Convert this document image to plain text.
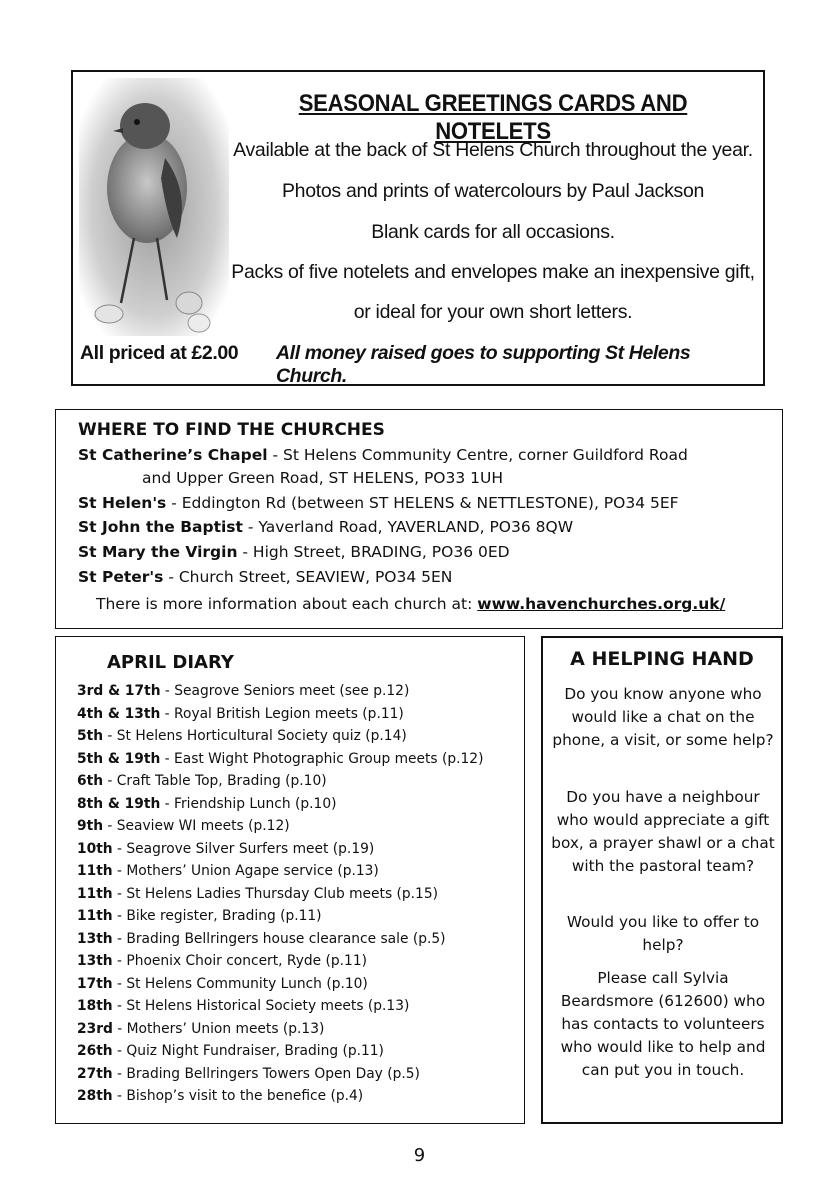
SEASONAL GREETINGS CARDS AND NOTELETS
Available at the back of St Helens Church throughout the year.
Photos and prints of watercolours by Paul Jackson
Blank cards for all occasions.
Packs of five notelets and envelopes make an inexpensive gift,
or ideal for your own short letters.
All priced at £2.00 All money raised goes to supporting St Helens Church.
WHERE TO FIND THE CHURCHES
St Catherine’s Chapel - St Helens Community Centre, corner Guildford Road
and Upper Green Road, ST HELENS, PO33 1UH
St Helen's - Eddington Rd (between ST HELENS & NETTLESTONE), PO34 5EF
St John the Baptist - Yaverland Road, YAVERLAND, PO36 8QW
St Mary the Virgin - High Street, BRADING, PO36 0ED
St Peter's - Church Street, SEAVIEW, PO34 5EN
There is more information about each church at: www.havenchurches.org.uk/
APRIL DIARY
3rd & 17th - Seagrove Seniors meet (see p.12)
4th & 13th - Royal British Legion meets (p.11)
5th - St Helens Horticultural Society quiz (p.14)
5th & 19th - East Wight Photographic Group meets (p.12)
6th - Craft Table Top, Brading (p.10)
8th & 19th - Friendship Lunch (p.10)
9th - Seaview WI meets (p.12)
10th - Seagrove Silver Surfers meet (p.19)
11th - Mothers’ Union Agape service (p.13)
11th - St Helens Ladies Thursday Club meets (p.15)
11th - Bike register, Brading (p.11)
13th - Brading Bellringers house clearance sale (p.5)
13th - Phoenix Choir concert, Ryde (p.11)
17th - St Helens Community Lunch (p.10)
18th - St Helens Historical Society meets (p.13)
23rd - Mothers’ Union meets (p.13)
26th - Quiz Night Fundraiser, Brading (p.11)
27th - Brading Bellringers Towers Open Day (p.5)
28th - Bishop’s visit to the benefice (p.4)
A HELPING HAND
Do you know anyone who would like a chat on the phone, a visit, or some help?
Do you have a neighbour who would appreciate a gift box, a prayer shawl or a chat with the pastoral team?
Would you like to offer to help?
Please call Sylvia Beardsmore (612600) who has contacts to volunteers who would like to help and can put you in touch.
9
